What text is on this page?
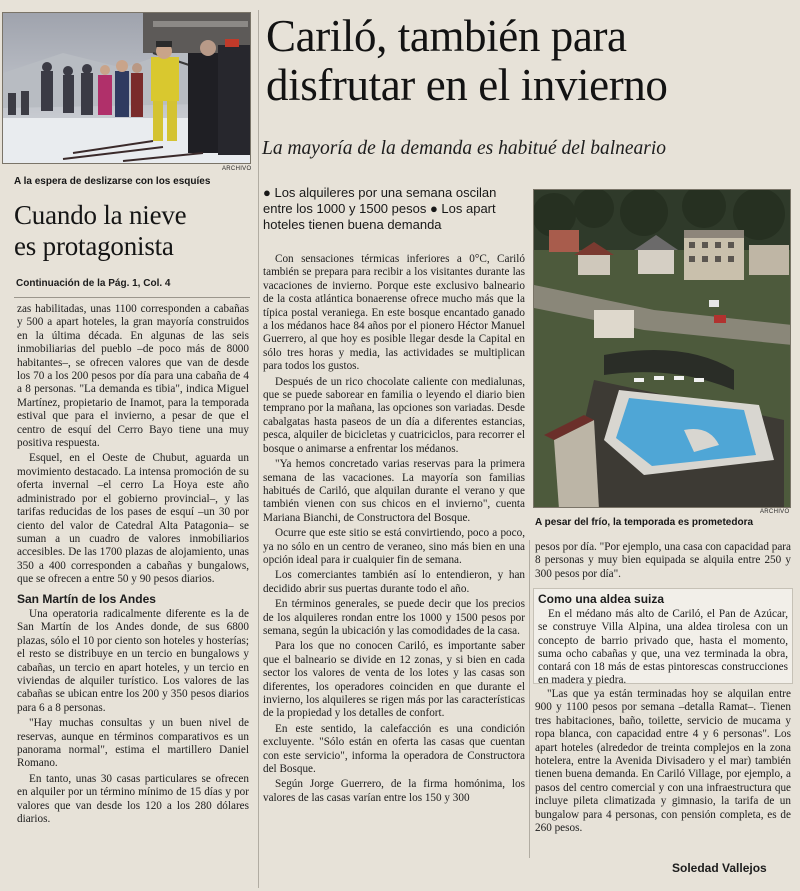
ARCHIVO
A la espera de deslizarse con los esquíes
Cuando la nieve
es protagonista
Continuación de la Pág. 1, Col. 4

zas habilitadas, unas 1100 corresponden a cabañas y 500 a apart hoteles, la gran mayoría construidos en la última década. En algunas de las seis inmobiliarias del pueblo –de poco más de 8000 habitantes–, se ofrecen valores que van de desde los 70 a los 200 pesos por día para una cabaña de 4 a 8 personas. "La demanda es tibia", indica Miguel Martínez, propietario de Inamot, para la temporada estival que para el invierno, a pesar de que el centro de esquí del Cerro Bayo tiene una muy positiva respuesta.

Esquel, en el Oeste de Chubut, aguarda un movimiento destacado. La intensa promoción de su oferta invernal –el cerro La Hoya este año administrado por el gobierno provincial–, y las tarifas reducidas de los pases de esquí –un 30 por ciento del valor de Catedral Alta Patagonia– se suman a un cuadro de valores inmobiliarios accesibles. De las 1700 plazas de alojamiento, unas 350 a 400 corresponden a cabañas y bungalows, que se ofrecen a entre 50 y 90 pesos diarios.

San Martín de los Andes

Una operatoria radicalmente diferente es la de San Martín de los Andes donde, de sus 6800 plazas, sólo el 10 por ciento son hoteles y hosterías; el resto se distribuye en un tercio en bungalows y cabañas, un tercio en apart hoteles, y un tercio en viviendas de alquiler turístico. Los valores de las cabañas se ubican entre los 200 y 350 pesos diarios para 6 a 8 personas.

"Hay muchas consultas y un buen nivel de reservas, aunque en términos comparativos es un panorama normal", estima el martillero Daniel Romano.

En tanto, unas 30 casas particulares se ofrecen en alquiler por un término mínimo de 15 días y por valores que van desde los 120 a los 280 dólares diarios.

Cariló, también para
disfrutar en el invierno
La mayoría de la demanda es habitué del balneario
● Los alquileres por una semana oscilan entre los 1000 y 1500 pesos ● Los apart hoteles tienen buena demanda

Con sensaciones térmicas inferiores a 0°C, Cariló también se prepara para recibir a los visitantes durante las vacaciones de invierno. Porque este exclusivo balneario de la costa atlántica bonaerense ofrece mucho más que la típica postal veraniega. En este bosque encantado ganado a los médanos hace 84 años por el pionero Héctor Manuel Guerrero, al que hoy es posible llegar desde la Capital en sólo tres horas y media, las actividades se multiplican para todos los gustos.

Después de un rico chocolate caliente con medialunas, que se puede saborear en familia o leyendo el diario bien temprano por la mañana, las opciones son variadas. Desde cabalgatas hasta paseos de un día a diferentes estancias, pesca, alquiler de bicicletas y cuatriciclos, para recorrer el bosque o animarse a enfrentar los médanos.

"Ya hemos concretado varias reservas para la primera semana de las vacaciones. La mayoría son familias habitués de Cariló, que alquilan durante el verano y que también vienen con sus chicos en el invierno", cuenta Mariana Bianchi, de Constructora del Bosque.

Ocurre que este sitio se está convirtiendo, poco a poco, ya no sólo en un centro de veraneo, sino más bien en una opción ideal para ir cualquier fin de semana.

Los comerciantes también así lo entendieron, y han decidido abrir sus puertas durante todo el año.

En términos generales, se puede decir que los precios de los alquileres rondan entre los 1000 y 1500 pesos por semana, según la ubicación y las comodidades de la casa.

Para los que no conocen Cariló, es importante saber que el balneario se divide en 12 zonas, y si bien en cada sector los valores de venta de los lotes y las casas son diferentes, los operadores coinciden en que durante el invierno, los alquileres se rigen más por las características de la propiedad y los detalles de confort.

En este sentido, la calefacción es una condición excluyente. "Sólo están en oferta las casas que cuentan con este servicio", informa la operadora de Constructora del Bosque.

Según Jorge Guerrero, de la firma homónima, los valores de las casas varían entre los 150 y 300

ARCHIVO
A pesar del frío, la temporada es prometedora

pesos por día. "Por ejemplo, una casa con capacidad para 8 personas y muy bien equipada se alquila entre 250 y 300 pesos por día".

Como una aldea suiza
En el médano más alto de Cariló, el Pan de Azúcar, se construye Villa Alpina, una aldea tirolesa con un concepto de barrio privado que, hasta el momento, suma ocho cabañas y que, una vez terminada la obra, contará con 18 más de estas pintorescas construcciones en madera y piedra.

"Las que ya están terminadas hoy se alquilan entre 900 y 1100 pesos por semana –detalla Ramat–. Tienen tres habitaciones, baño, toilette, servicio de mucama y ropa blanca, con capacidad entre 4 y 6 personas". Los apart hoteles (alrededor de treinta complejos en la zona hotelera, entre la Avenida Divisadero y el mar) también tienen buena demanda. En Cariló Village, por ejemplo, a pasos del centro comercial y con una infraestructura que incluye pileta climatizada y gimnasio, la tarifa de un bungalow para 4 personas, con pensión completa, es de 260 pesos.

Soledad Vallejos
